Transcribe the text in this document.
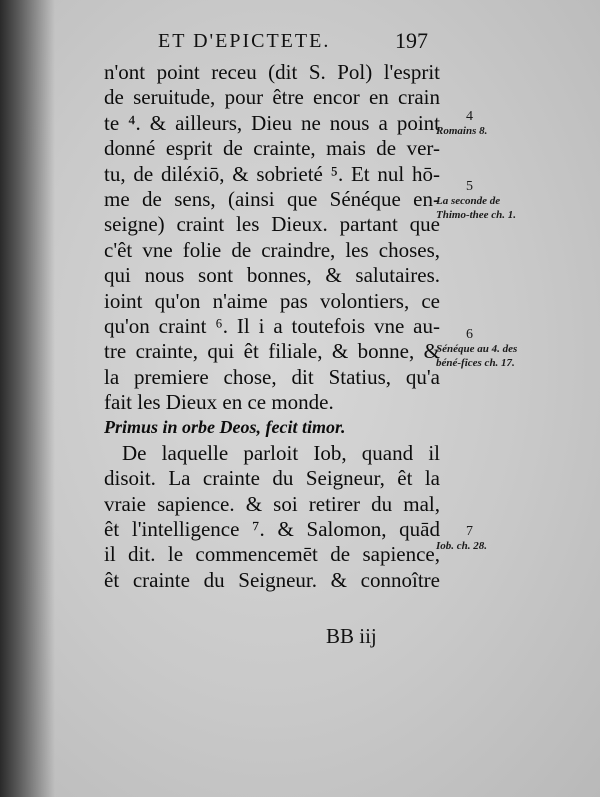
ET D'EPICTETE.	197
n'ont point receu (dit S. Pol) l'esprit
de seruitude, pour être encor en crain
te ⁴. & ailleurs, Dieu ne nous a point
donné esprit de crainte, mais de ver-
tu, de diléxiō, & sobrieté ⁵. Et nul hō-
me de sens, (ainsi que Sénéque en-
seigne) craint les Dieux. partant que
c'êt vne folie de craindre, les choses,
qui nous sont bonnes, & salutaires.
ioint qu'on n'aime pas volontiers, ce
qu'on craint ⁶. Il i a toutefois vne au-
tre crainte, qui êt filiale, & bonne, &
la premiere chose, dit Statius, qu'a
fait les Dieux en ce monde.
Primus in orbe Deos, fecit timor.
De laquelle parloit Iob, quand il
disoit. La crainte du Seigneur, êt la
vraie sapience. & soi retirer du mal,
êt l'intelligence ⁷. & Salomon, quād
il dit. le commencemēt de sapience,
êt crainte du Seigneur. & connoître
4
Romains 8.
5
La seconde de Thimo-thee ch. 1.
6
Sénéque au 4. des béné-fices ch. 17.
7
Iob. ch. 28.
BB iij
